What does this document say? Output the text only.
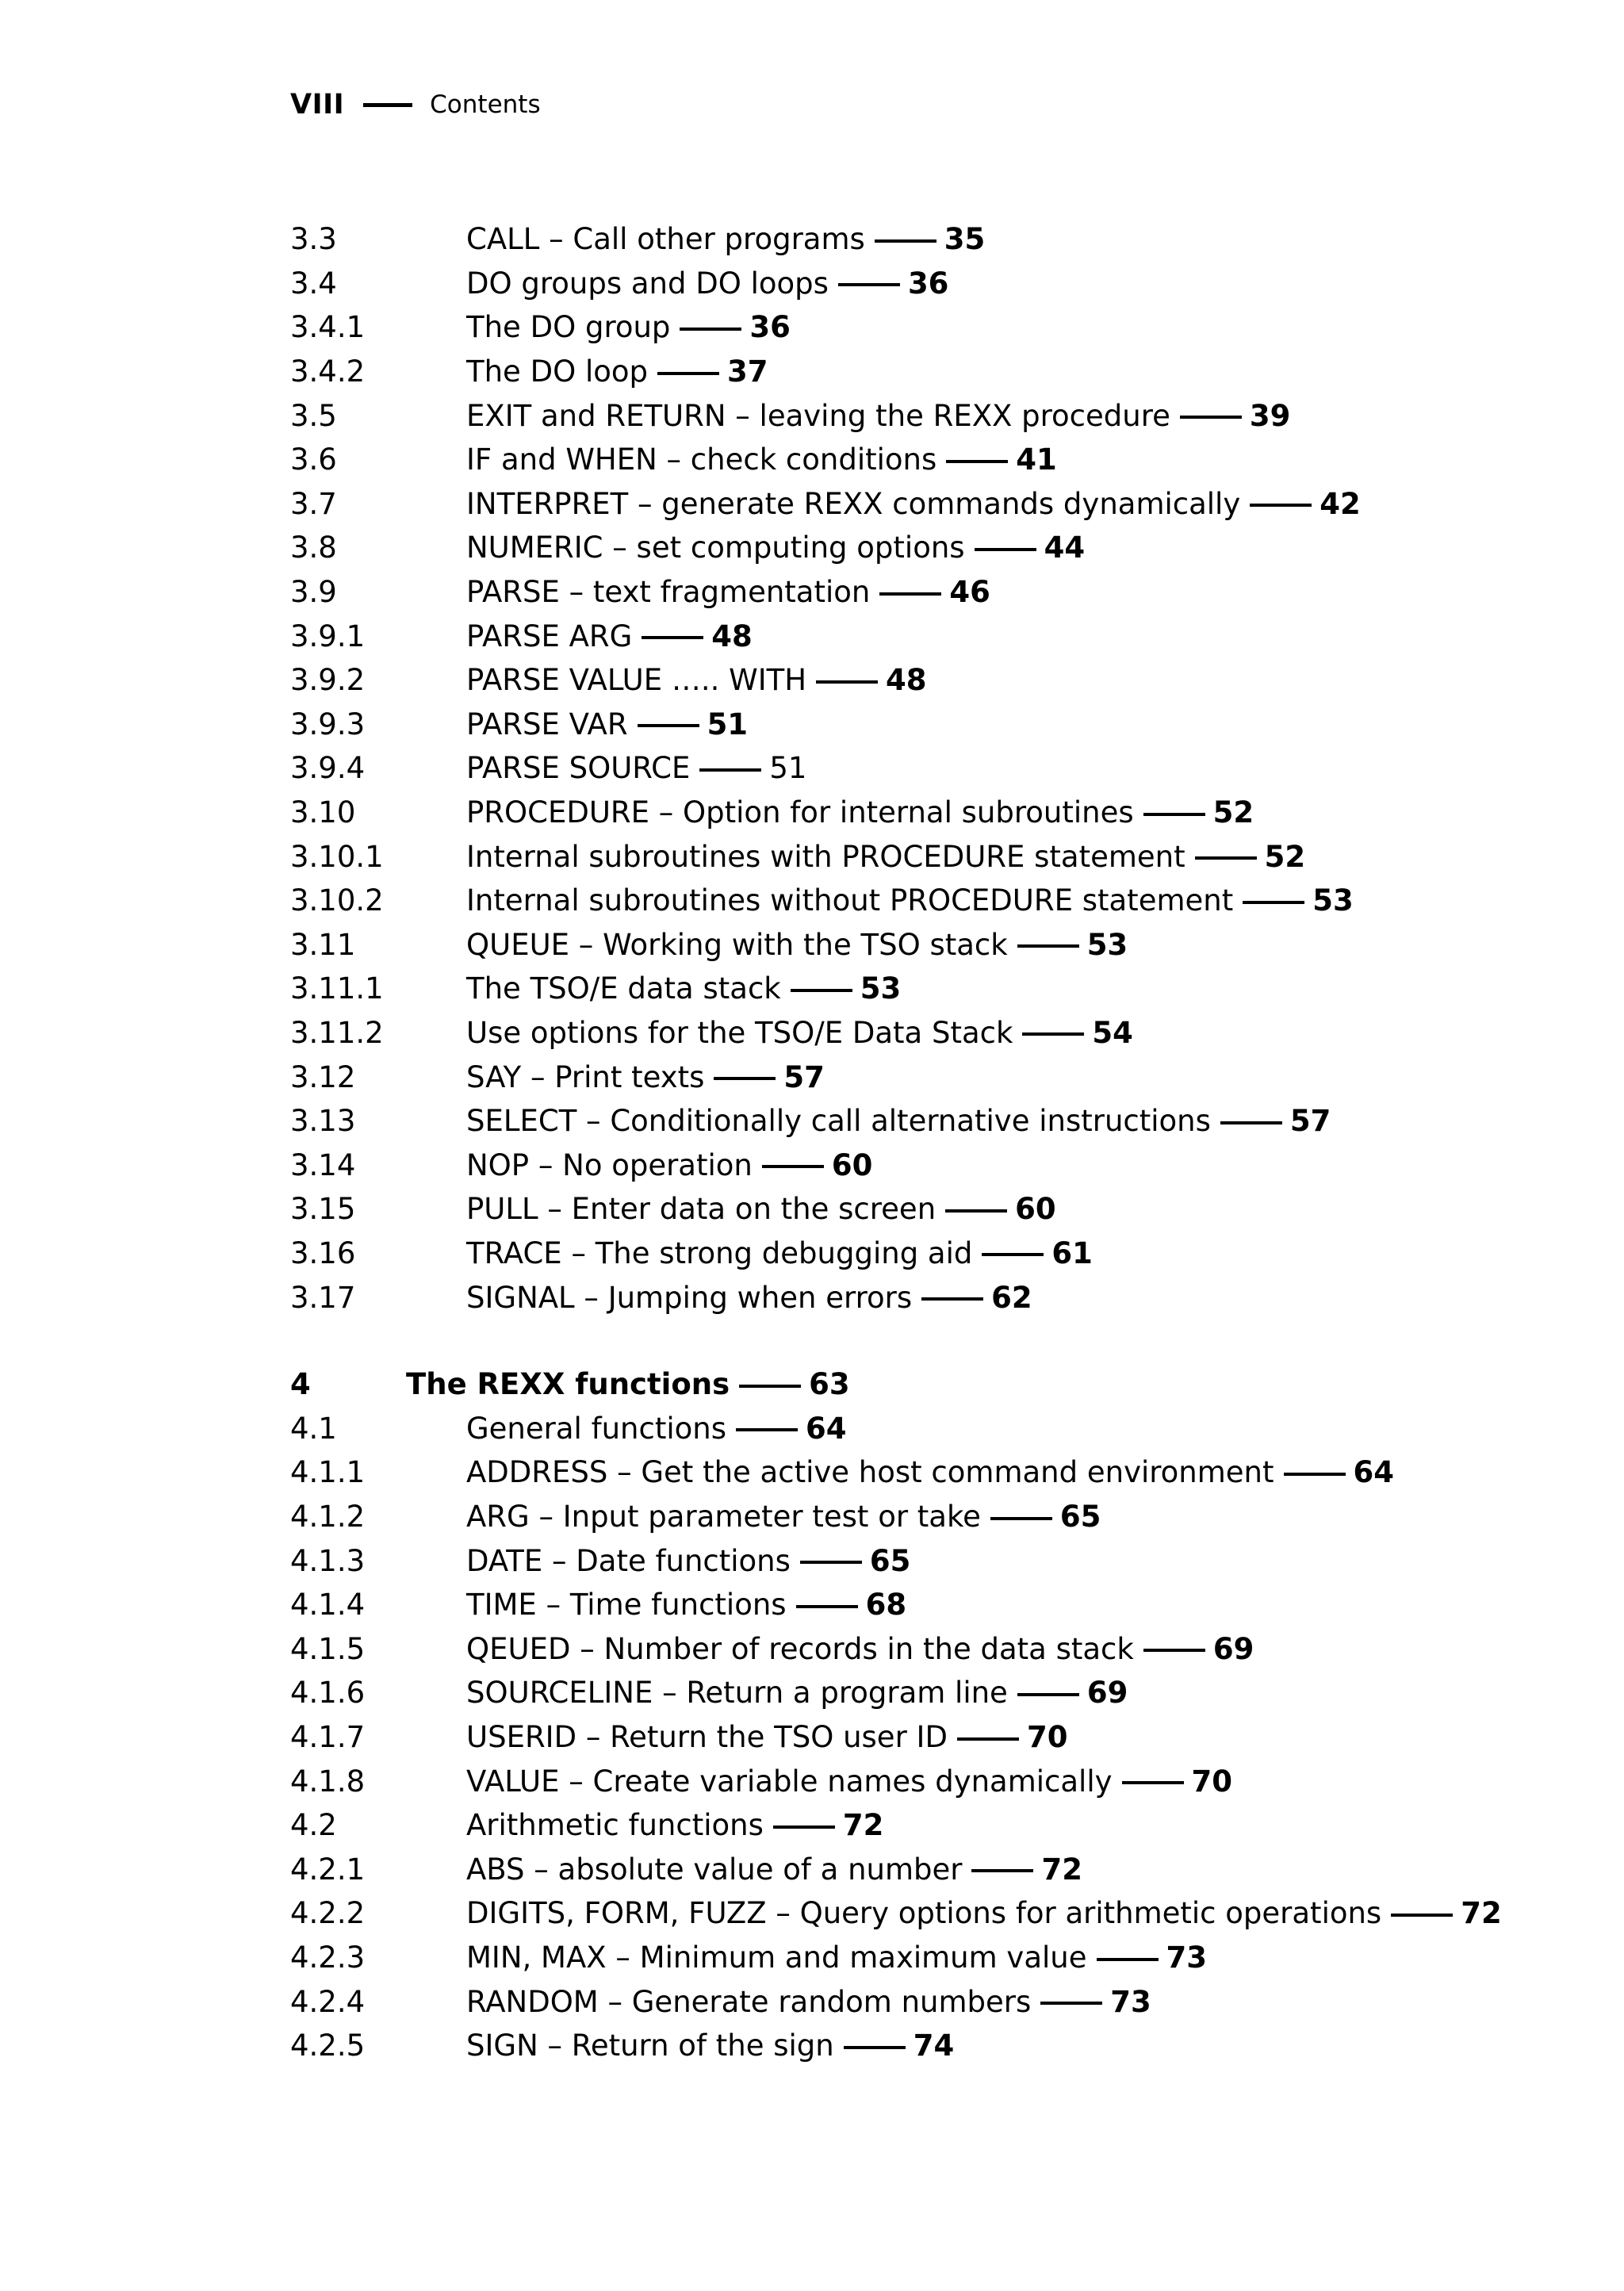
VIII	Contents
3.3	CALL – Call other programs	35
3.4	DO groups and DO loops	36
3.4.1	The DO group	36
3.4.2	The DO loop	37
3.5	EXIT and RETURN – leaving the REXX procedure	39
3.6	IF and WHEN – check conditions	41
3.7	INTERPRET – generate REXX commands dynamically	42
3.8	NUMERIC – set computing options	44
3.9	PARSE – text fragmentation	46
3.9.1	PARSE ARG	48
3.9.2	PARSE VALUE ….. WITH	48
3.9.3	PARSE VAR	51
3.9.4	PARSE SOURCE	51
3.10	PROCEDURE – Option for internal subroutines	52
3.10.1	Internal subroutines with PROCEDURE statement	52
3.10.2	Internal subroutines without PROCEDURE statement	53
3.11	QUEUE – Working with the TSO stack	53
3.11.1	The TSO/E data stack	53
3.11.2	Use options for the TSO/E Data Stack	54
3.12	SAY – Print texts	57
3.13	SELECT – Conditionally call alternative instructions	57
3.14	NOP – No operation	60
3.15	PULL – Enter data on the screen	60
3.16	TRACE – The strong debugging aid	61
3.17	SIGNAL – Jumping when errors	62
4	The REXX functions	63
4.1	General functions	64
4.1.1	ADDRESS – Get the active host command environment	64
4.1.2	ARG – Input parameter test or take	65
4.1.3	DATE – Date functions	65
4.1.4	TIME – Time functions	68
4.1.5	QEUED – Number of records in the data stack	69
4.1.6	SOURCELINE – Return a program line	69
4.1.7	USERID – Return the TSO user ID	70
4.1.8	VALUE – Create variable names dynamically	70
4.2	Arithmetic functions	72
4.2.1	ABS – absolute value of a number	72
4.2.2	DIGITS, FORM, FUZZ – Query options for arithmetic operations	72
4.2.3	MIN, MAX – Minimum and maximum value	73
4.2.4	RANDOM – Generate random numbers	73
4.2.5	SIGN – Return of the sign	74
